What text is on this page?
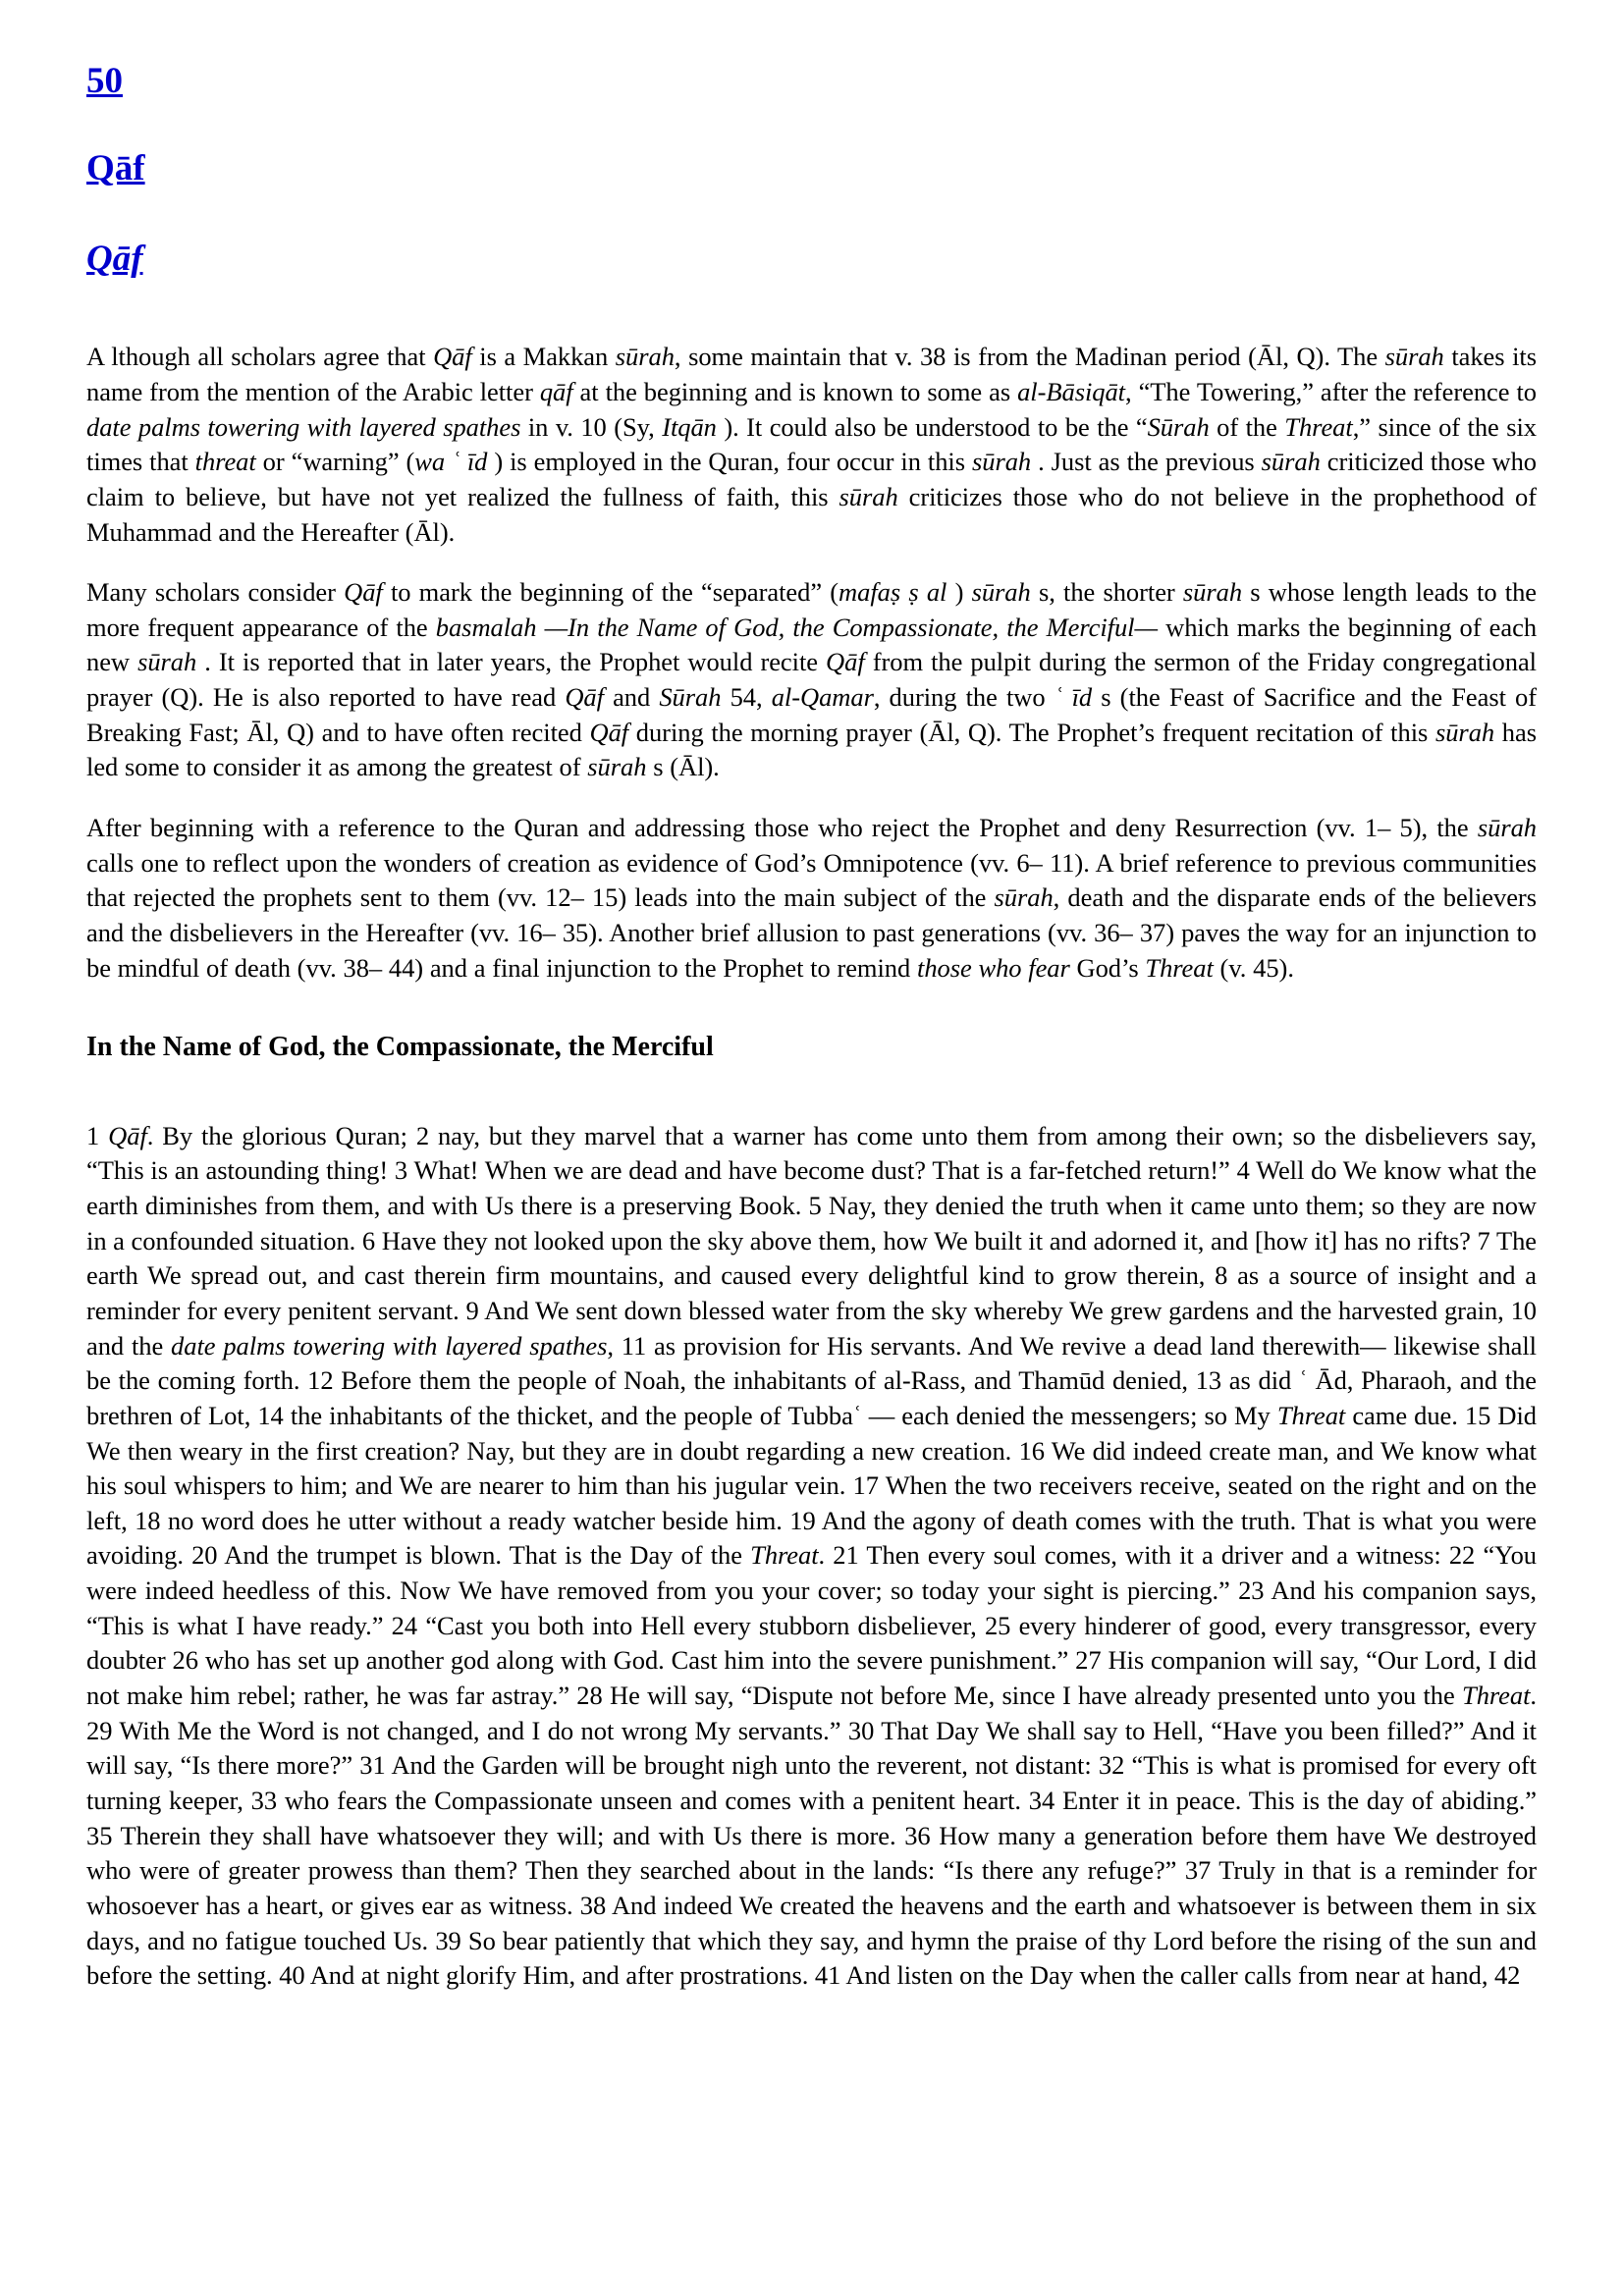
50
Qāf
Qāf

A lthough all scholars agree that Qāf is a Makkan sūrah, some maintain that v. 38 is from the Madinan period (Āl, Q). The sūrah takes its name from the mention of the Arabic letter qāf at the beginning and is known to some as al-Bāsiqāt, “The Towering,” after the reference to date palms towering with layered spathes in v. 10 (Sy, Itqān ). It could also be understood to be the “Sūrah of the Threat,” since of the six times that threat or “warning” (wa ʿ īd ) is employed in the Quran, four occur in this sūrah . Just as the previous sūrah criticized those who claim to believe, but have not yet realized the fullness of faith, this sūrah criticizes those who do not believe in the prophethood of Muhammad and the Hereafter (Āl).

Many scholars consider Qāf to mark the beginning of the “separated” (mafaṣ ṣ al ) sūrah s, the shorter sūrah s whose length leads to the more frequent appearance of the basmalah —In the Name of God, the Compassionate, the Merciful— which marks the beginning of each new sūrah . It is reported that in later years, the Prophet would recite Qāf from the pulpit during the sermon of the Friday congregational prayer (Q). He is also reported to have read Qāf and Sūrah 54, al-Qamar, during the two ʿ īd s (the Feast of Sacrifice and the Feast of Breaking Fast; Āl, Q) and to have often recited Qāf during the morning prayer (Āl, Q). The Prophet’s frequent recitation of this sūrah has led some to consider it as among the greatest of sūrah s (Āl).

After beginning with a reference to the Quran and addressing those who reject the Prophet and deny Resurrection (vv. 1– 5), the sūrah calls one to reflect upon the wonders of creation as evidence of God’s Omnipotence (vv. 6– 11). A brief reference to previous communities that rejected the prophets sent to them (vv. 12– 15) leads into the main subject of the sūrah, death and the disparate ends of the believers and the disbelievers in the Hereafter (vv. 16– 35). Another brief allusion to past generations (vv. 36– 37) paves the way for an injunction to be mindful of death (vv. 38– 44) and a final injunction to the Prophet to remind those who fear God’s Threat (v. 45).

In the Name of God, the Compassionate, the Merciful

1 Qāf. By the glorious Quran; 2 nay, but they marvel that a warner has come unto them from among their own; so the disbelievers say, “This is an astounding thing! 3 What! When we are dead and have become dust? That is a far-fetched return!” 4 Well do We know what the earth diminishes from them, and with Us there is a preserving Book. 5 Nay, they denied the truth when it came unto them; so they are now in a confounded situation. 6 Have they not looked upon the sky above them, how We built it and adorned it, and [how it] has no rifts? 7 The earth We spread out, and cast therein firm mountains, and caused every delightful kind to grow therein, 8 as a source of insight and a reminder for every penitent servant. 9 And We sent down blessed water from the sky whereby We grew gardens and the harvested grain, 10 and the date palms towering with layered spathes, 11 as provision for His servants. And We revive a dead land therewith— likewise shall be the coming forth. 12 Before them the people of Noah, the inhabitants of al-Rass, and Thamūd denied, 13 as did ʿ Ād, Pharaoh, and the brethren of Lot, 14 the inhabitants of the thicket, and the people of Tubbaʿ — each denied the messengers; so My Threat came due. 15 Did We then weary in the first creation? Nay, but they are in doubt regarding a new creation. 16 We did indeed create man, and We know what his soul whispers to him; and We are nearer to him than his jugular vein. 17 When the two receivers receive, seated on the right and on the left, 18 no word does he utter without a ready watcher beside him. 19 And the agony of death comes with the truth. That is what you were avoiding. 20 And the trumpet is blown. That is the Day of the Threat. 21 Then every soul comes, with it a driver and a witness: 22 “You were indeed heedless of this. Now We have removed from you your cover; so today your sight is piercing.” 23 And his companion says, “This is what I have ready.” 24 “Cast you both into Hell every stubborn disbeliever, 25 every hinderer of good, every transgressor, every doubter 26 who has set up another god along with God. Cast him into the severe punishment.” 27 His companion will say, “Our Lord, I did not make him rebel; rather, he was far astray.” 28 He will say, “Dispute not before Me, since I have already presented unto you the Threat. 29 With Me the Word is not changed, and I do not wrong My servants.” 30 That Day We shall say to Hell, “Have you been filled?” And it will say, “Is there more?” 31 And the Garden will be brought nigh unto the reverent, not distant: 32 “This is what is promised for every oft turning keeper, 33 who fears the Compassionate unseen and comes with a penitent heart. 34 Enter it in peace. This is the day of abiding.” 35 Therein they shall have whatsoever they will; and with Us there is more. 36 How many a generation before them have We destroyed who were of greater prowess than them? Then they searched about in the lands: “Is there any refuge?” 37 Truly in that is a reminder for whosoever has a heart, or gives ear as witness. 38 And indeed We created the heavens and the earth and whatsoever is between them in six days, and no fatigue touched Us. 39 So bear patiently that which they say, and hymn the praise of thy Lord before the rising of the sun and before the setting. 40 And at night glorify Him, and after prostrations. 41 And listen on the Day when the caller calls from near at hand, 42
